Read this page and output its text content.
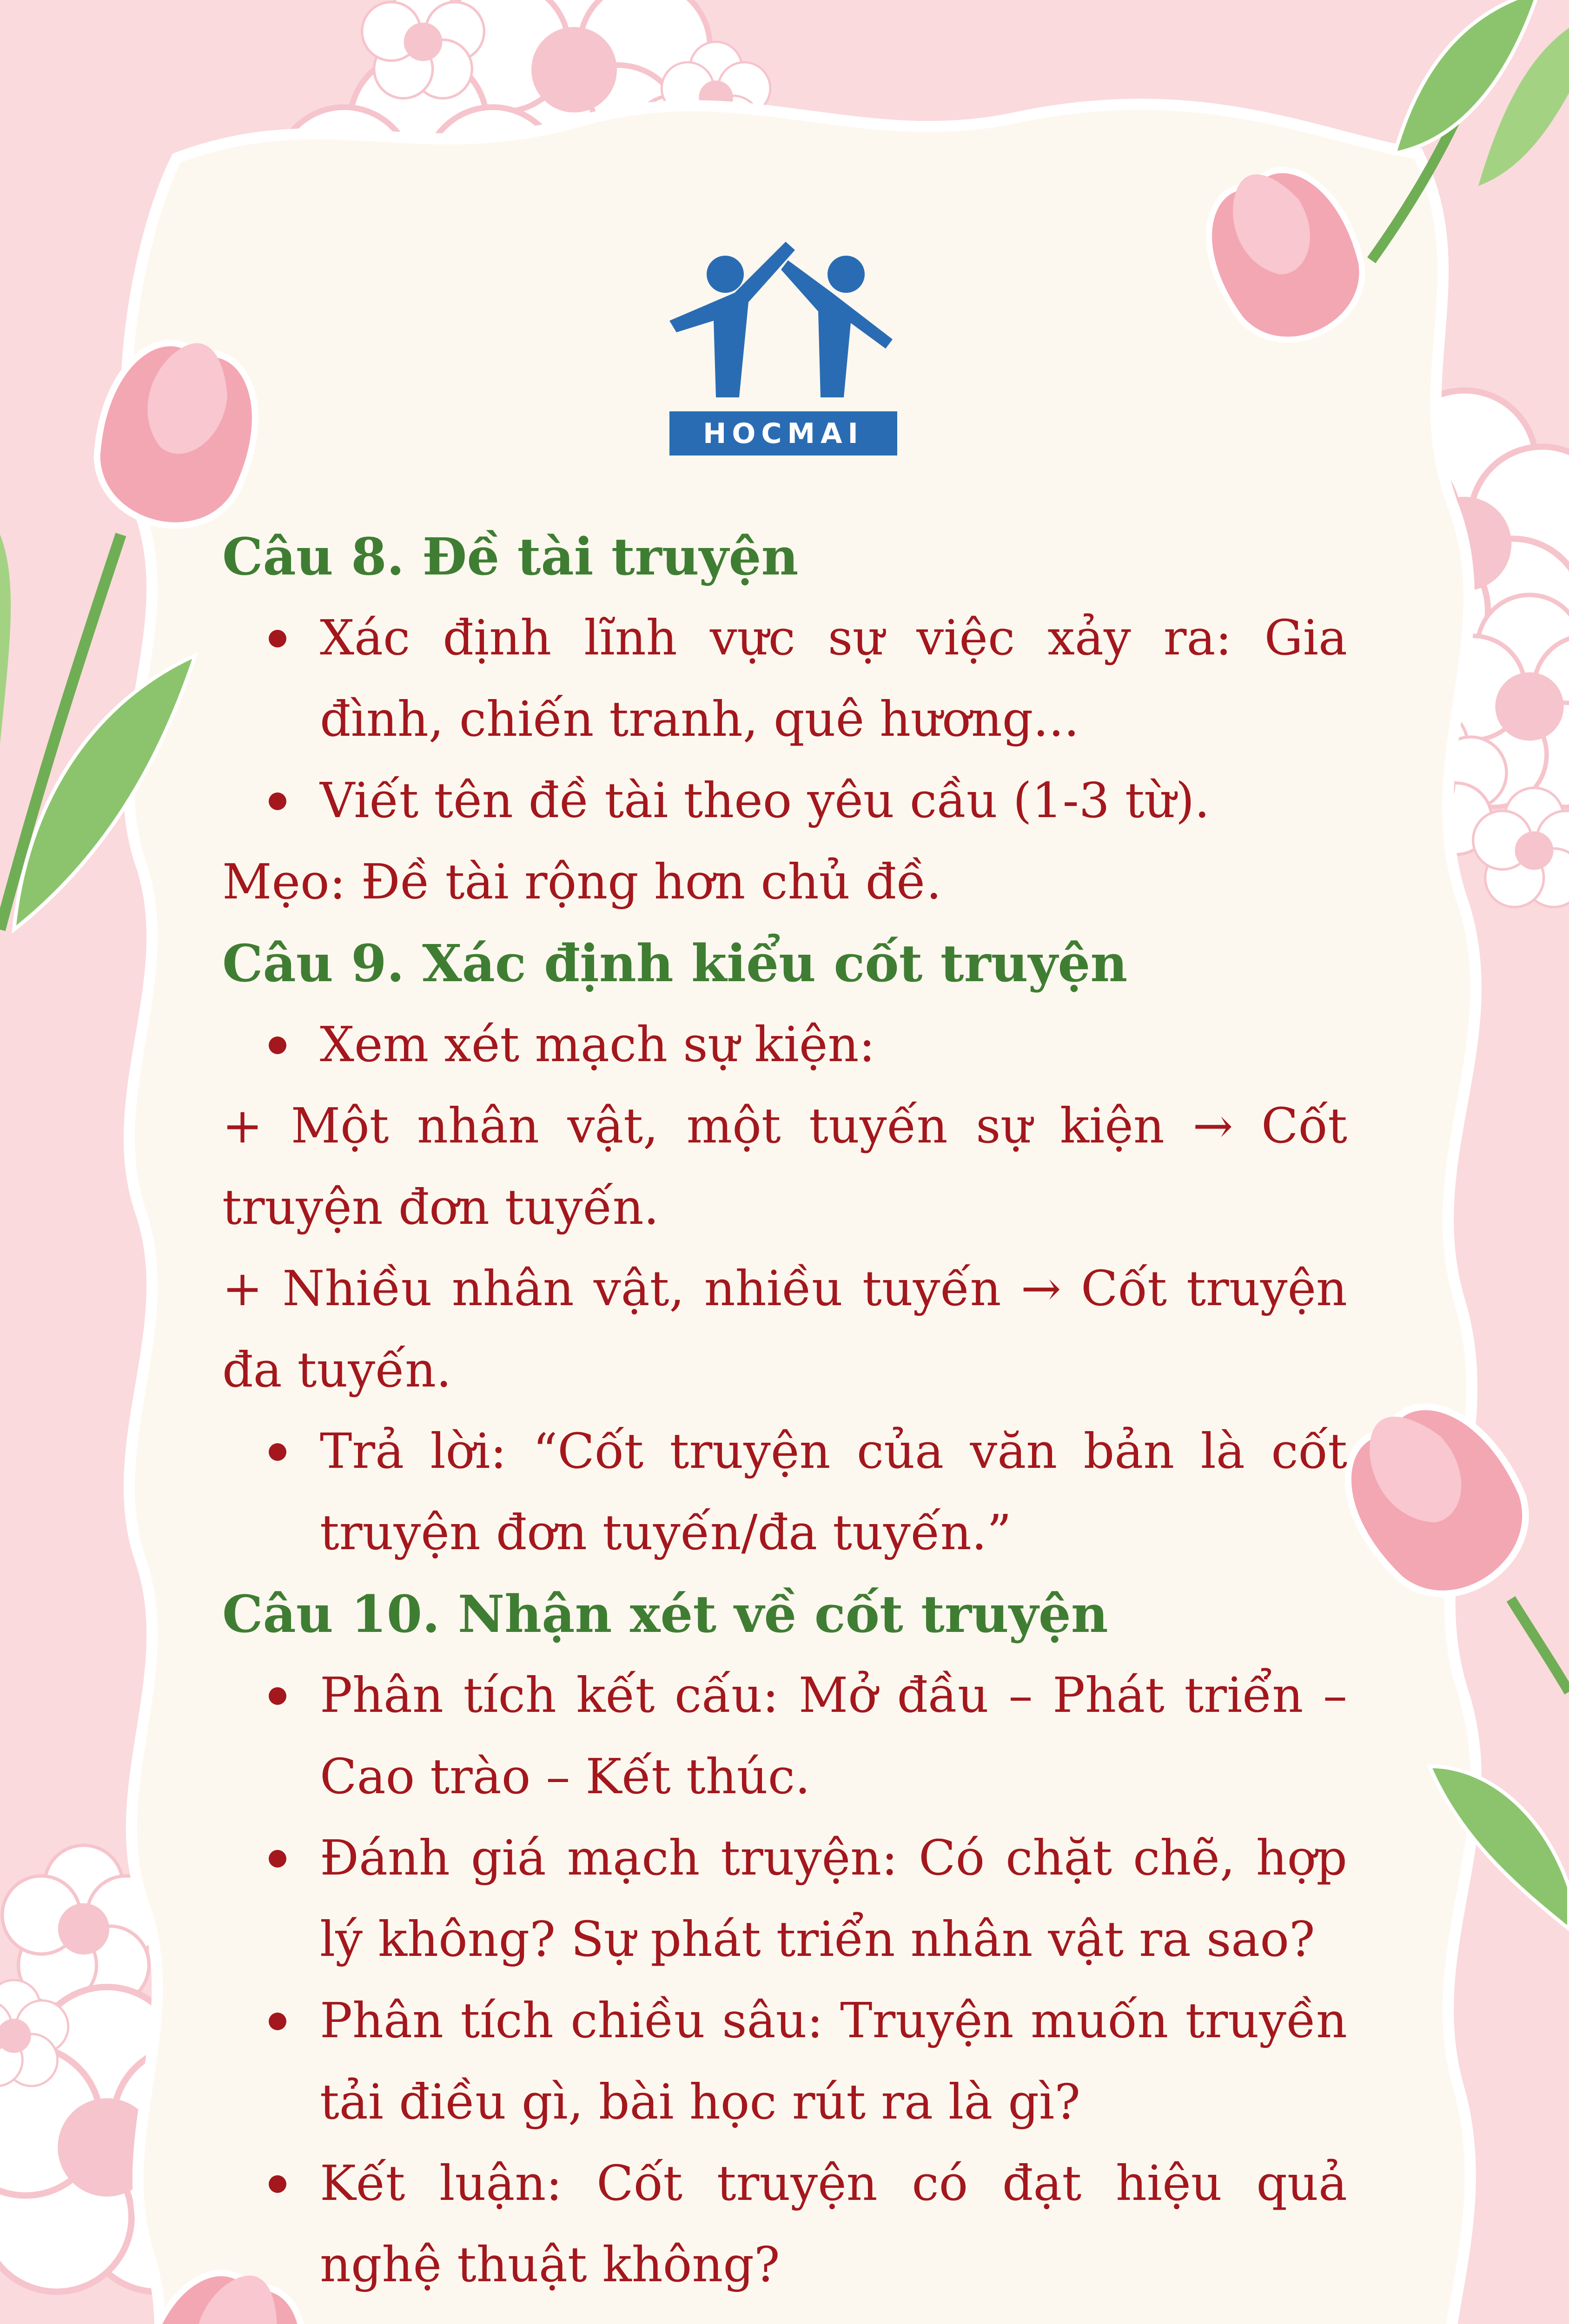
HOCMAI

Câu 8. Đề tài truyện

Xác định lĩnh vực sự việc xảy ra: Gia đình, chiến tranh, quê hương...

Viết tên đề tài theo yêu cầu (1-3 từ).

Mẹo: Đề tài rộng hơn chủ đề.

Câu 9. Xác định kiểu cốt truyện

Xem xét mạch sự kiện:

+ Một nhân vật, một tuyến sự kiện → Cốt truyện đơn tuyến.

+ Nhiều nhân vật, nhiều tuyến → Cốt truyện đa tuyến.

Trả lời: “Cốt truyện của văn bản là cốt truyện đơn tuyến/đa tuyến.”

Câu 10. Nhận xét về cốt truyện

Phân tích kết cấu: Mở đầu – Phát triển – Cao trào – Kết thúc.

Đánh giá mạch truyện: Có chặt chẽ, hợp lý không? Sự phát triển nhân vật ra sao?

Phân tích chiều sâu: Truyện muốn truyền tải điều gì, bài học rút ra là gì?

Kết luận: Cốt truyện có đạt hiệu quả nghệ thuật không?
